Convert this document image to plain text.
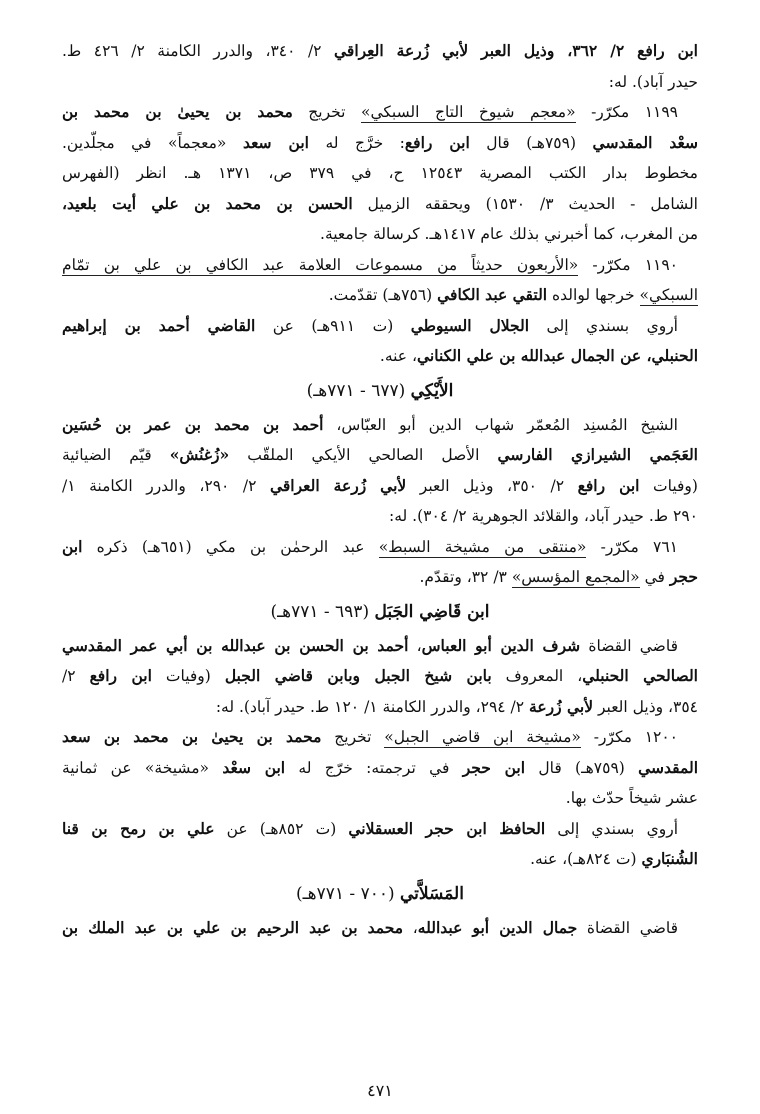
ابن رافع ٢/ ٣٦٢، وذيل العبر لأبي زُرعة العِراقي ٢/ ٣٤٠، والدرر الكامنة ٢/ ٤٢٦ ط.
حيدر آباد). له:
١١٩٩ مكرّر- «معجم شيوخ التاج السبكي» تخريج محمد بن يحيىٰ بن محمد بن
سعْد المقدسي (٧٥٩هـ) قال ابن رافع: خرَّج له ابن سعد «معجماً» في مجلّدين.
مخطوط بدار الكتب المصرية ١٢٥٤٣ ح، في ٣٧٩ ص، ١٣٧١ هـ. انظر (الفهرس
الشامل - الحديث ٣/ ١٥٣٠) ويحققه الزميل الحسن بن محمد بن علي أيت بلعيد،
من المغرب، كما أخبرني بذلك عام ١٤١٧هـ. كرسالة جامعية.
١١٩٠ مكرّر- «الأربعون حديثاً من مسموعات العلامة عبد الكافي بن علي بن تمّام
السبكي» خرجها لوالده التقي عبد الكافي (٧٥٦هـ) تقدّمت.
أروي بسندي إلى الجلال السيوطي (ت ٩١١هـ) عن القاضي أحمد بن إبراهيم
الحنبلي، عن الجمال عبدالله بن علي الكناني، عنه.
الأَيْكِي (٦٧٧ - ٧٧١هـ)
الشيخ المُسنِد المُعمّر شهاب الدين أبو العبّاس، أحمد بن محمد بن عمر بن حُسَين
العَجَمي الشيرازي الفارسي الأصل الصالحي الأيكي الملقّب «زُغنُش» قيّم الضيائية
(وفيات ابن رافع ٢/ ٣٥٠، وذيل العبر لأبي زُرعة العراقي ٢/ ٢٩٠، والدرر الكامنة ١/
٢٩٠ ط. حيدر آباد، والقلائد الجوهرية ٢/ ٣٠٤). له:
٧٦١ مكرّر- «منتقى من مشيخة السبط» عبد الرحمٰن بن مكي (٦٥١هـ) ذكره ابن
حجر في «المجمع المؤسس» ٣/ ٣٢، وتقدّم.
ابن قَاضِي الجَبَل (٦٩٣ - ٧٧١هـ)
قاضي القضاة شرف الدين أبو العباس، أحمد بن الحسن بن عبدالله بن أبي عمر المقدسي
الصالحي الحنبلي، المعروف بابن شيخ الجبل وبابن قاضي الجبل (وفيات ابن رافع ٢/
٣٥٤، وذيل العبر لأبي زُرعة ٢/ ٢٩٤، والدرر الكامنة ١/ ١٢٠ ط. حيدر آباد). له:
١٢٠٠ مكرّر- «مشيخة ابن قاضي الجبل» تخريج محمد بن يحيىٰ بن محمد بن سعد
المقدسي (٧٥٩هـ) قال ابن حجر في ترجمته: خرّج له ابن سعْد «مشيخة» عن ثمانية
عشر شيخاً حدّث بها.
أروي بسندي إلى الحافظ ابن حجر العسقلاني (ت ٨٥٢هـ) عن علي بن رمح بن قنا
الشُنبَاري (ت ٨٢٤هـ)، عنه.
المَسَلاَّتي (٧٠٠ - ٧٧١هـ)
قاضي القضاة جمال الدين أبو عبدالله، محمد بن عبد الرحيم بن علي بن عبد الملك بن
٤٧١
